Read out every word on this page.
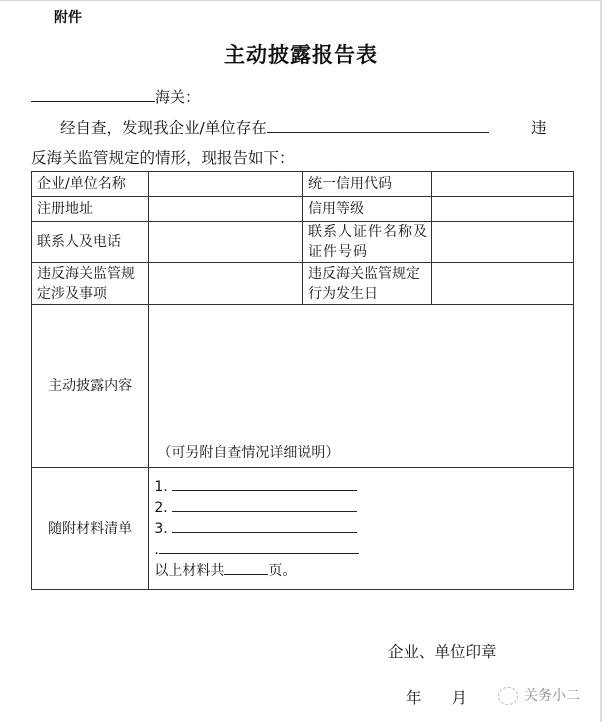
附件
主动披露报告表
海关：
经自查，发现我企业/单位存在	违
反海关监管规定的情形，现报告如下：
企业/单位名称		统一信用代码	
注册地址		信用等级	
联系人及电话		联系人证件名称及证件号码	
违反海关监管规定涉及事项		违反海关监管规定行为发生日	
主动披露内容	（可另附自查情况详细说明）		

随附材料清单	1.
2.
3.
.
以上材料共 页。		
企业、单位印章
年 月	关务小二
